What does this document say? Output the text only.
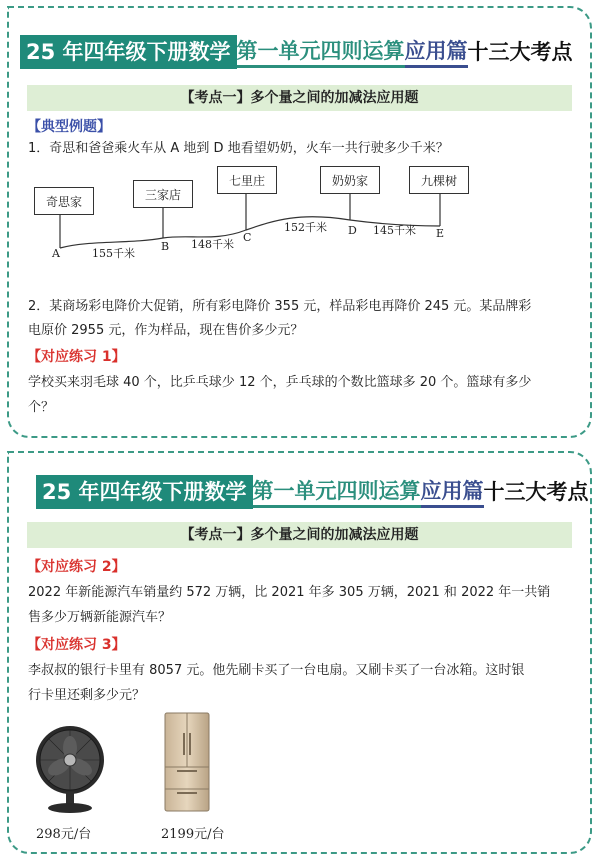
25 年四年级下册数学 第一单元四则运算 应用篇 十三大考点
【考点一】多个量之间的加减法应用题
【典型例题】
1．奇思和爸爸乘火车从 A 地到 D 地看望奶奶，火车一共行驶多少千米？
奇思家	三家店
七里庄	奶奶家	九棵树
A
B
C
D	E
155千米
148千米
152千米	145千米
2．某商场彩电降价大促销，所有彩电降价 355 元，样品彩电再降价 245 元。某品牌彩
电原价 2955 元，作为样品，现在售价多少元？
【对应练习 1】
学校买来羽毛球 40 个，比乒乓球少 12 个，乒乓球的个数比篮球多 20 个。篮球有多少
个？
25 年四年级下册数学 第一单元四则运算 应用篇 十三大考点
【考点一】多个量之间的加减法应用题
【对应练习 2】
2022 年新能源汽车销量约 572 万辆，比 2021 年多 305 万辆，2021 和 2022 年一共销
售多少万辆新能源汽车？
【对应练习 3】
李叔叔的银行卡里有 8057 元。他先刷卡买了一台电扇。又刷卡买了一台冰箱。这时银
行卡里还剩多少元？
298元/台	2199元/台
